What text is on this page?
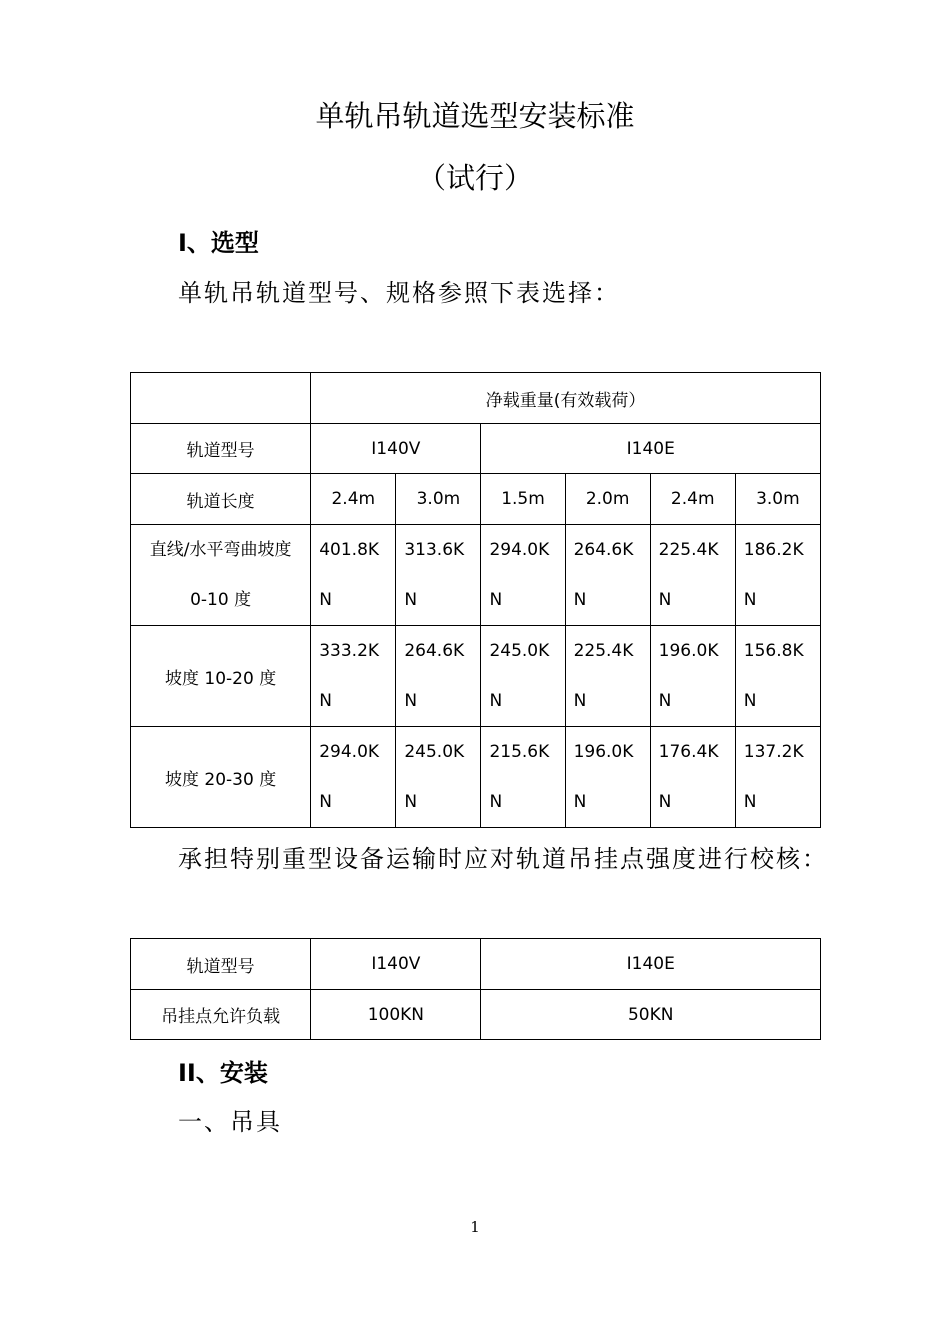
单轨吊轨道选型安装标准
（试行）
I、选型
单轨吊轨道型号、规格参照下表选择：
	净载重量(有效载荷）					
轨道型号	I140V		I140E			
轨道长度	2.4m	3.0m	1.5m	2.0m	2.4m	3.0m

直线/水平弯曲坡度
0-10 度	401.8K
N	313.6K
N	294.0K
N	264.6K
N	225.4K
N	186.2K
N

坡度 10-20 度	333.2K
N	264.6K
N	245.0K
N	225.4K
N	196.0K
N	156.8K
N

坡度 20-30 度	294.0K
N	245.0K
N	215.6K
N	196.0K
N	176.4K
N	137.2K
N
承担特别重型设备运输时应对轨道吊挂点强度进行校核：
轨道型号	I140V	I140E
吊挂点允许负载	100KN	50KN
II、安装
一、吊具
1
